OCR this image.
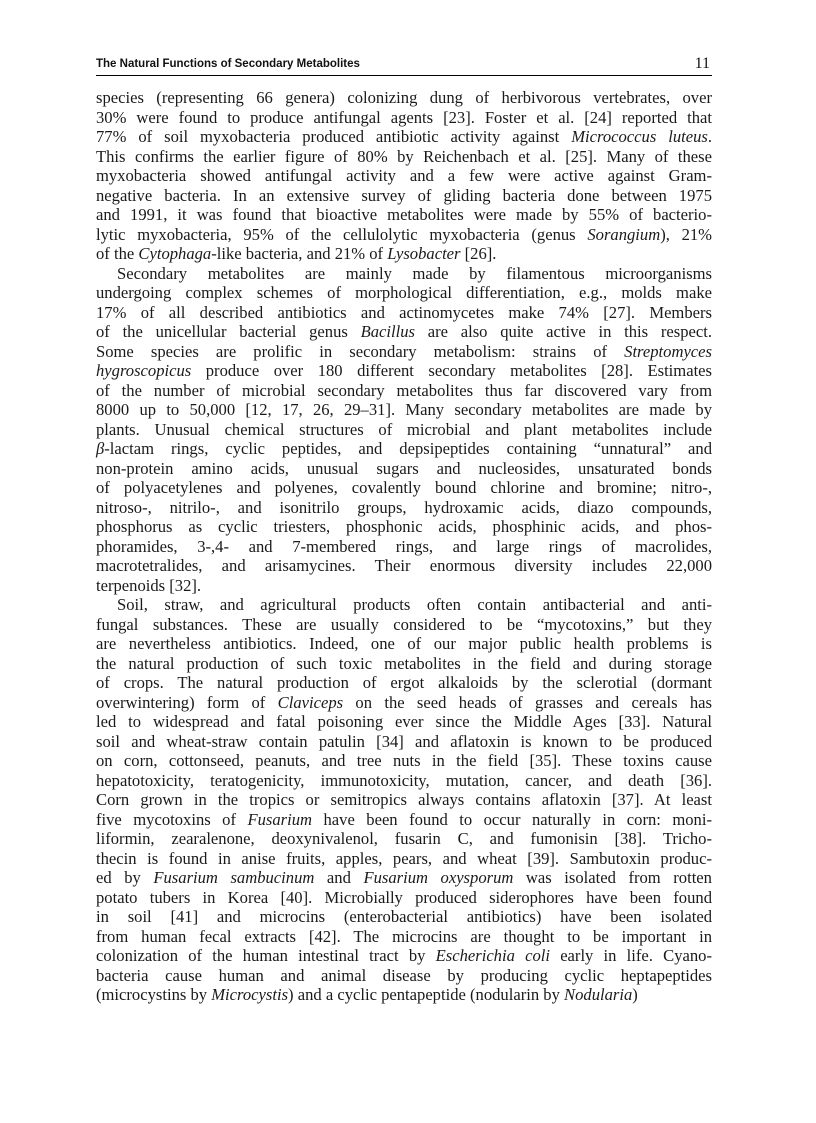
The Natural Functions of Secondary Metabolites	11
species (representing 66 genera) colonizing dung of herbivorous vertebrates, over
30% were found to produce antifungal agents [23]. Foster et al. [24] reported that
77% of soil myxobacteria produced antibiotic activity against Micrococcus luteus.
This confirms the earlier figure of 80% by Reichenbach et al. [25]. Many of these
myxobacteria showed antifungal activity and a few were active against Gram-
negative bacteria. In an extensive survey of gliding bacteria done between 1975
and 1991, it was found that bioactive metabolites were made by 55% of bacterio-
lytic myxobacteria, 95% of the cellulolytic myxobacteria (genus Sorangium), 21%
of the Cytophaga-like bacteria, and 21% of Lysobacter [26].
Secondary metabolites are mainly made by filamentous microorganisms
undergoing complex schemes of morphological differentiation, e.g., molds make
17% of all described antibiotics and actinomycetes make 74% [27]. Members
of the unicellular bacterial genus Bacillus are also quite active in this respect.
Some species are prolific in secondary metabolism: strains of Streptomyces
hygroscopicus produce over 180 different secondary metabolites [28]. Estimates
of the number of microbial secondary metabolites thus far discovered vary from
8000 up to 50,000 [12, 17, 26, 29–31]. Many secondary metabolites are made by
plants. Unusual chemical structures of microbial and plant metabolites include
β-lactam rings, cyclic peptides, and depsipeptides containing “unnatural” and
non-protein amino acids, unusual sugars and nucleosides, unsaturated bonds
of polyacetylenes and polyenes, covalently bound chlorine and bromine; nitro-,
nitroso-, nitrilo-, and isonitrilo groups, hydroxamic acids, diazo compounds,
phosphorus as cyclic triesters, phosphonic acids, phosphinic acids, and phos-
phoramides, 3-,4- and 7-membered rings, and large rings of macrolides,
macrotetralides, and arisamycines. Their enormous diversity includes 22,000
terpenoids [32].
Soil, straw, and agricultural products often contain antibacterial and anti-
fungal substances. These are usually considered to be “mycotoxins,” but they
are nevertheless antibiotics. Indeed, one of our major public health problems is
the natural production of such toxic metabolites in the field and during storage
of crops. The natural production of ergot alkaloids by the sclerotial (dormant
overwintering) form of Claviceps on the seed heads of grasses and cereals has
led to widespread and fatal poisoning ever since the Middle Ages [33]. Natural
soil and wheat-straw contain patulin [34] and aflatoxin is known to be produced
on corn, cottonseed, peanuts, and tree nuts in the field [35]. These toxins cause
hepatotoxicity, teratogenicity, immunotoxicity, mutation, cancer, and death [36].
Corn grown in the tropics or semitropics always contains aflatoxin [37]. At least
five mycotoxins of Fusarium have been found to occur naturally in corn: moni-
liformin, zearalenone, deoxynivalenol, fusarin C, and fumonisin [38]. Tricho-
thecin is found in anise fruits, apples, pears, and wheat [39]. Sambutoxin produc-
ed by Fusarium sambucinum and Fusarium oxysporum was isolated from rotten
potato tubers in Korea [40]. Microbially produced siderophores have been found
in soil [41] and microcins (enterobacterial antibiotics) have been isolated
from human fecal extracts [42]. The microcins are thought to be important in
colonization of the human intestinal tract by Escherichia coli early in life. Cyano-
bacteria cause human and animal disease by producing cyclic heptapeptides
(microcystins by Microcystis) and a cyclic pentapeptide (nodularin by Nodularia)
